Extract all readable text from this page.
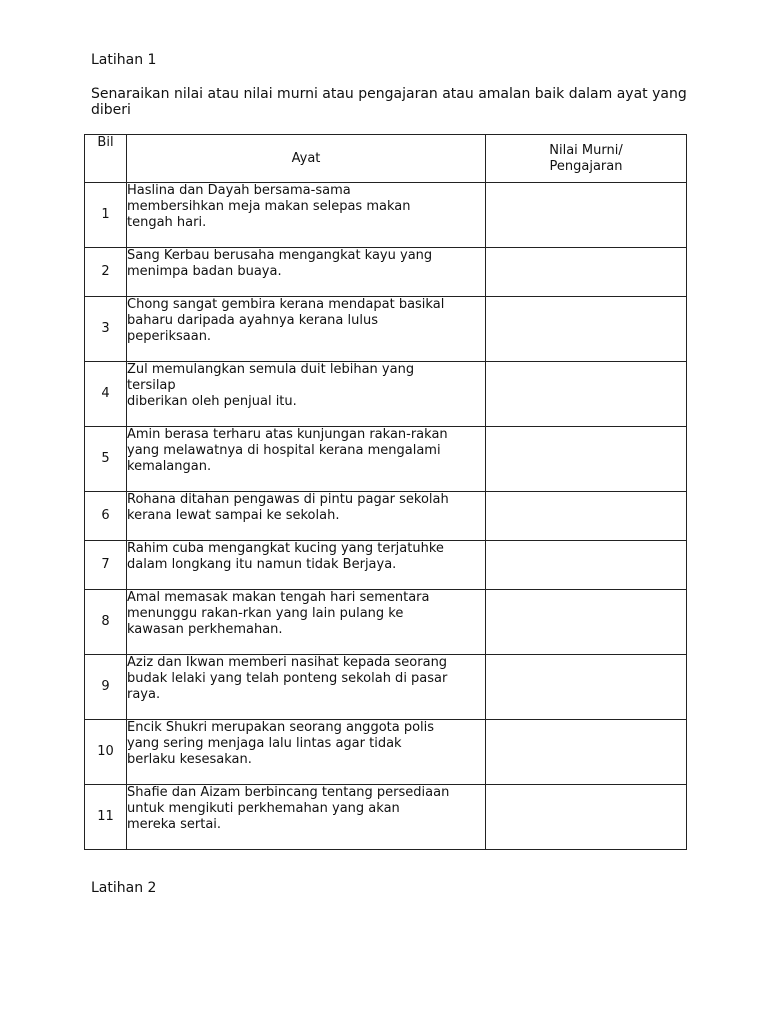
Latihan 1
Senaraikan nilai atau nilai murni atau pengajaran atau amalan baik dalam ayat yang diberi
Bil	Ayat	Nilai Murni/
Pengajaran
1	Haslina dan Dayah bersama-sama
membersihkan meja makan selepas makan
tengah hari.	
2	Sang Kerbau berusaha mengangkat kayu yang
menimpa badan buaya.	
3	Chong sangat gembira kerana mendapat basikal
baharu daripada ayahnya kerana lulus
peperiksaan.	
4	Zul memulangkan semula duit lebihan yang
tersilap
diberikan oleh penjual itu.	
5	Amin berasa terharu atas kunjungan rakan-rakan
yang melawatnya di hospital kerana mengalami
kemalangan.	
6	Rohana ditahan pengawas di pintu pagar sekolah
kerana lewat sampai ke sekolah.	
7	Rahim cuba mengangkat kucing yang terjatuhke
dalam longkang itu namun tidak Berjaya.	
8	Amal memasak makan tengah hari sementara
menunggu rakan-rkan yang lain pulang ke
kawasan perkhemahan.	
9	Aziz dan Ikwan memberi nasihat kepada seorang
budak lelaki yang telah ponteng sekolah di pasar
raya.	
10	Encik Shukri merupakan seorang anggota polis
yang sering menjaga lalu lintas agar tidak
berlaku kesesakan.	
11	Shafie dan Aizam berbincang tentang persediaan
untuk mengikuti perkhemahan yang akan
mereka sertai.	
Latihan 2
